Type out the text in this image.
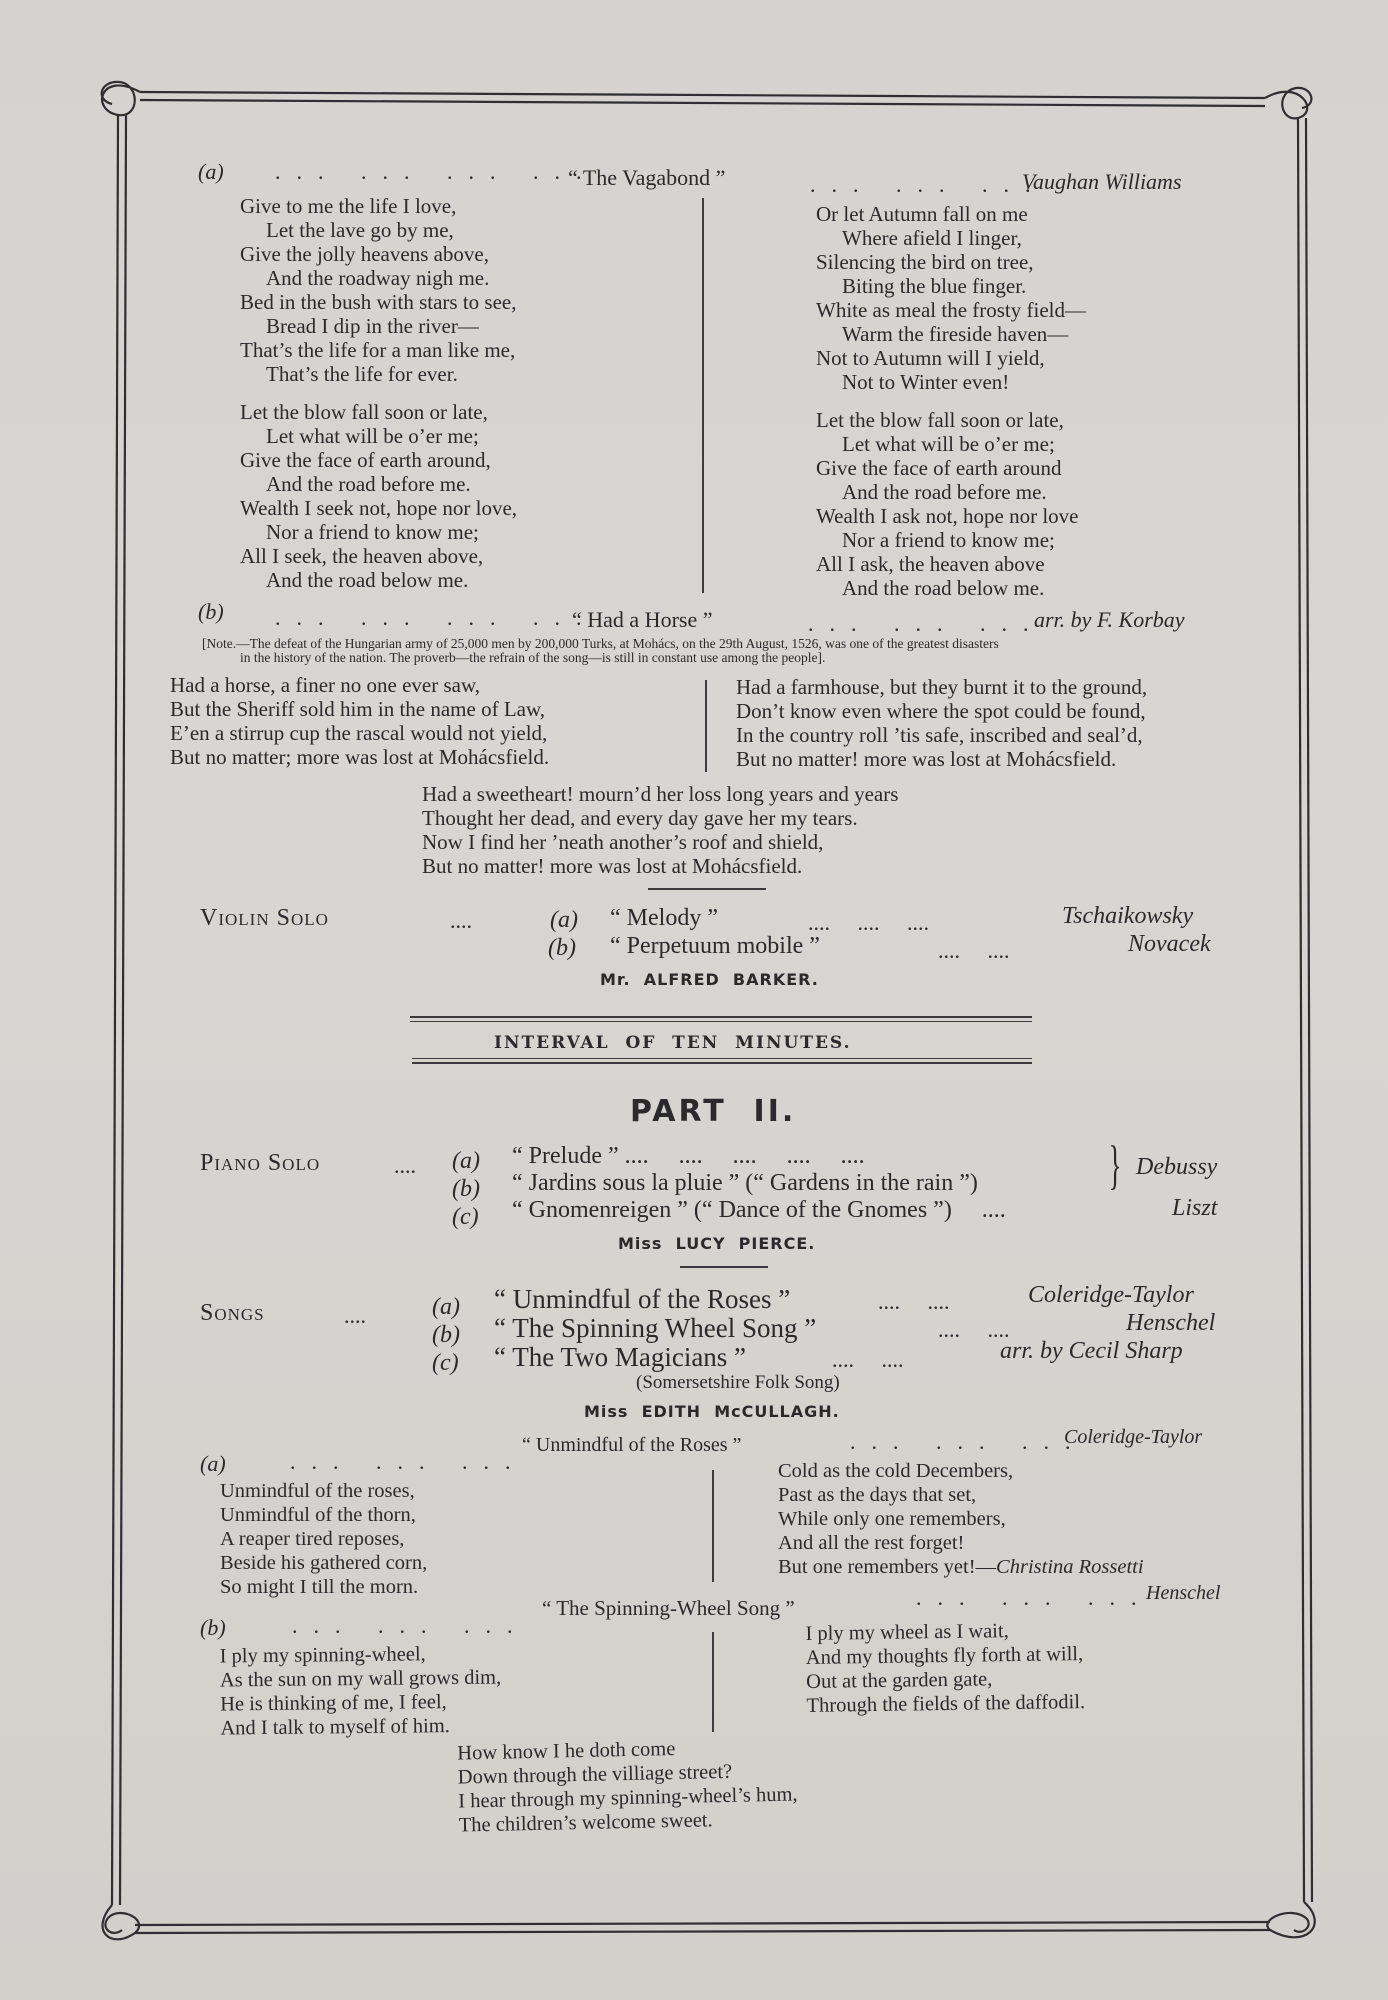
(a) ... ... ... ...
“ The Vagabond ”	... ... ...
Vaughan Williams
Give to me the life I love,
Let the lave go by me,
Give the jolly heavens above,
And the roadway nigh me.
Bed in the bush with stars to see,
Bread I dip in the river—
That’s the life for a man like me,
That’s the life for ever.
Let the blow fall soon or late,
Let what will be o’er me;
Give the face of earth around,
And the road before me.
Wealth I seek not, hope nor love,
Nor a friend to know me;
All I seek, the heaven above,
And the road below me.
Or let Autumn fall on me
Where afield I linger,
Silencing the bird on tree,
Biting the blue finger.
White as meal the frosty field—
Warm the fireside haven—
Not to Autumn will I yield,
Not to Winter even!
Let the blow fall soon or late,
Let what will be o’er me;
Give the face of earth around
And the road before me.
Wealth I ask not, hope nor love
Nor a friend to know me;
All I ask, the heaven above
And the road below me.
(b) ... ... ... ...
“ Had a Horse ”	... ... ...
arr. by F. Korbay
[Note.—The defeat of the Hungarian army of 25,000 men by 200,000 Turks, at Mohács, on the 29th August, 1526, was one of the greatest disasters
in the history of the nation. The proverb—the refrain of the song—is still in constant use among the people].
Had a horse, a finer no one ever saw,
But the Sheriff sold him in the name of Law,
E’en a stirrup cup the rascal would not yield,
But no matter; more was lost at Mohácsfield.
Had a farmhouse, but they burnt it to the ground,
Don’t know even where the spot could be found,
In the country roll ’tis safe, inscribed and seal’d,
But no matter! more was lost at Mohácsfield.
Had a sweetheart! mourn’d her loss long years and years
Thought her dead, and every day gave her my tears.
Now I find her ’neath another’s roof and shield,
But no matter! more was lost at Mohácsfield.
Violin Solo	....	(a) “ Melody ”	....     ....     ....	Tschaikowsky
(b) “ Perpetuum mobile ”	....     ....	Novacek
Mr.  ALFRED  BARKER.
INTERVAL  OF  TEN  MINUTES.
PART  II.
Piano Solo	.... (a) “ Prelude ” ....     ....     ....     ....     ....
(b) “ Jardins sous la pluie ” (“ Gardens in the rain ”) } Debussy
(c) “ Gnomenreigen ” (“ Dance of the Gnomes ”)     ....	Liszt
Miss  LUCY  PIERCE.
Songs	....	(a) “ Unmindful of the Roses ”	....     ....	Coleridge-Taylor
(b) “ The Spinning Wheel Song ”	....     ....	Henschel
(c) “ The Two Magicians ”	....     ....	arr. by Cecil Sharp
(Somersetshire Folk Song)
Miss  EDITH  McCULLAGH.
(a)	... ... ...
“ Unmindful of the Roses ”	... ... ...
Coleridge-Taylor
Unmindful of the roses,
Unmindful of the thorn,
A reaper tired reposes,
Beside his gathered corn,
So might I till the morn.
Cold as the cold Decembers,
Past as the days that set,
While only one remembers,
And all the rest forget!
But one remembers yet!—Christina Rossetti
Henschel
... ... ...
“ The Spinning-Wheel Song ”
(b)	... ... ...
I ply my spinning-wheel,
As the sun on my wall grows dim,
He is thinking of me, I feel,
And I talk to myself of him.
I ply my wheel as I wait,
And my thoughts fly forth at will,
Out at the garden gate,
Through the fields of the daffodil.
How know I he doth come
Down through the villiage street?
I hear through my spinning-wheel’s hum,
The children’s welcome sweet.
